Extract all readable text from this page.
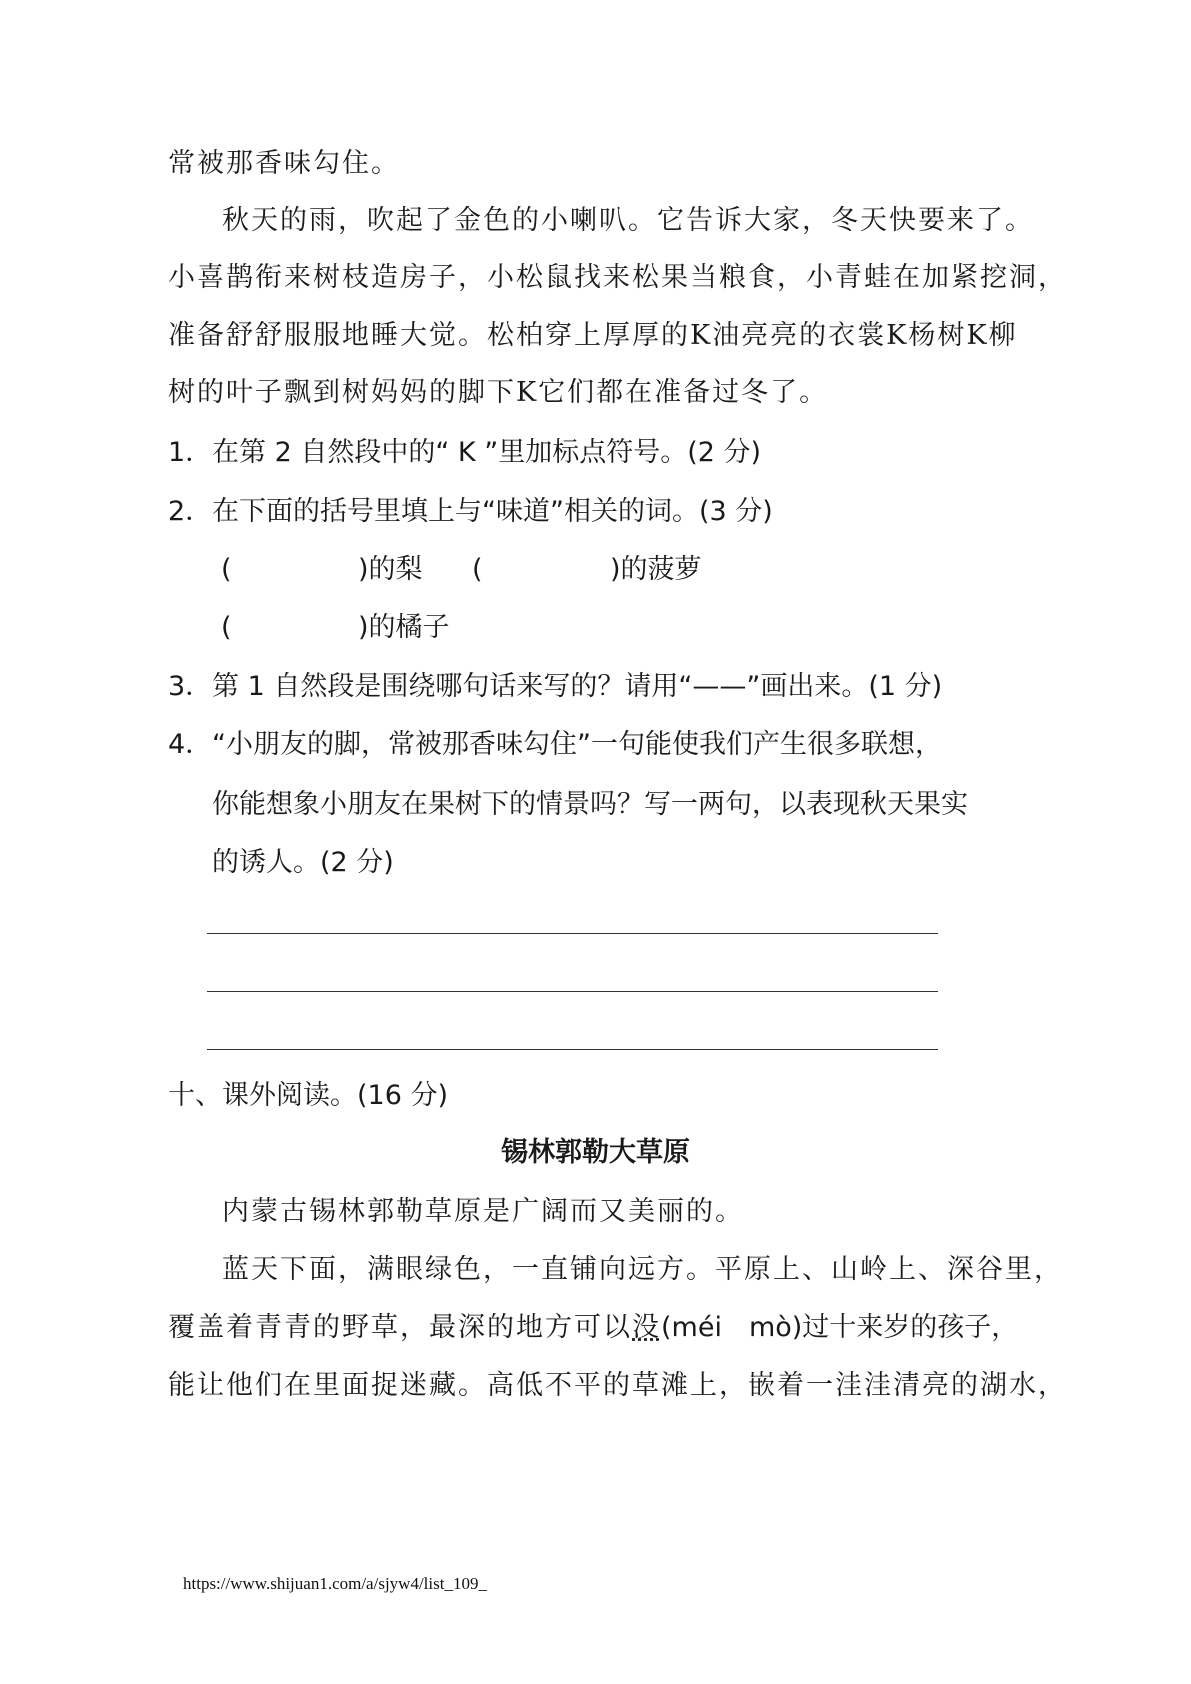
常被那香味勾住。
秋天的雨，吹起了金色的小喇叭。它告诉大家，冬天快要来了。
小喜鹊衔来树枝造房子，小松鼠找来松果当粮食，小青蛙在加紧挖洞，
准备舒舒服服地睡大觉。松柏穿上厚厚的K油亮亮的衣裳K杨树K柳
树的叶子飘到树妈妈的脚下K它们都在准备过冬了。
1．在第 2 自然段中的“ K ”里加标点符号。(2 分)
2．在下面的括号里填上与“味道”相关的词。(3 分)
(	)的梨 (	)的菠萝
(	)的橘子
3．第 1 自然段是围绕哪句话来写的？请用“——”画出来。(1 分)
4．“小朋友的脚，常被那香味勾住”一句能使我们产生很多联想，
你能想象小朋友在果树下的情景吗？写一两句，以表现秋天果实
的诱人。(2 分)
十、课外阅读。(16 分)
锡林郭勒大草原
内蒙古锡林郭勒草原是广阔而又美丽的。
蓝天下面，满眼绿色，一直铺向远方。平原上、山岭上、深谷里，
覆盖着青青的野草，最深的地方可以没(méi　mò)过十来岁的孩子，
能让他们在里面捉迷藏。高低不平的草滩上，嵌着一洼洼清亮的湖水，
https://www.shijuan1.com/a/sjyw4/list_109_
